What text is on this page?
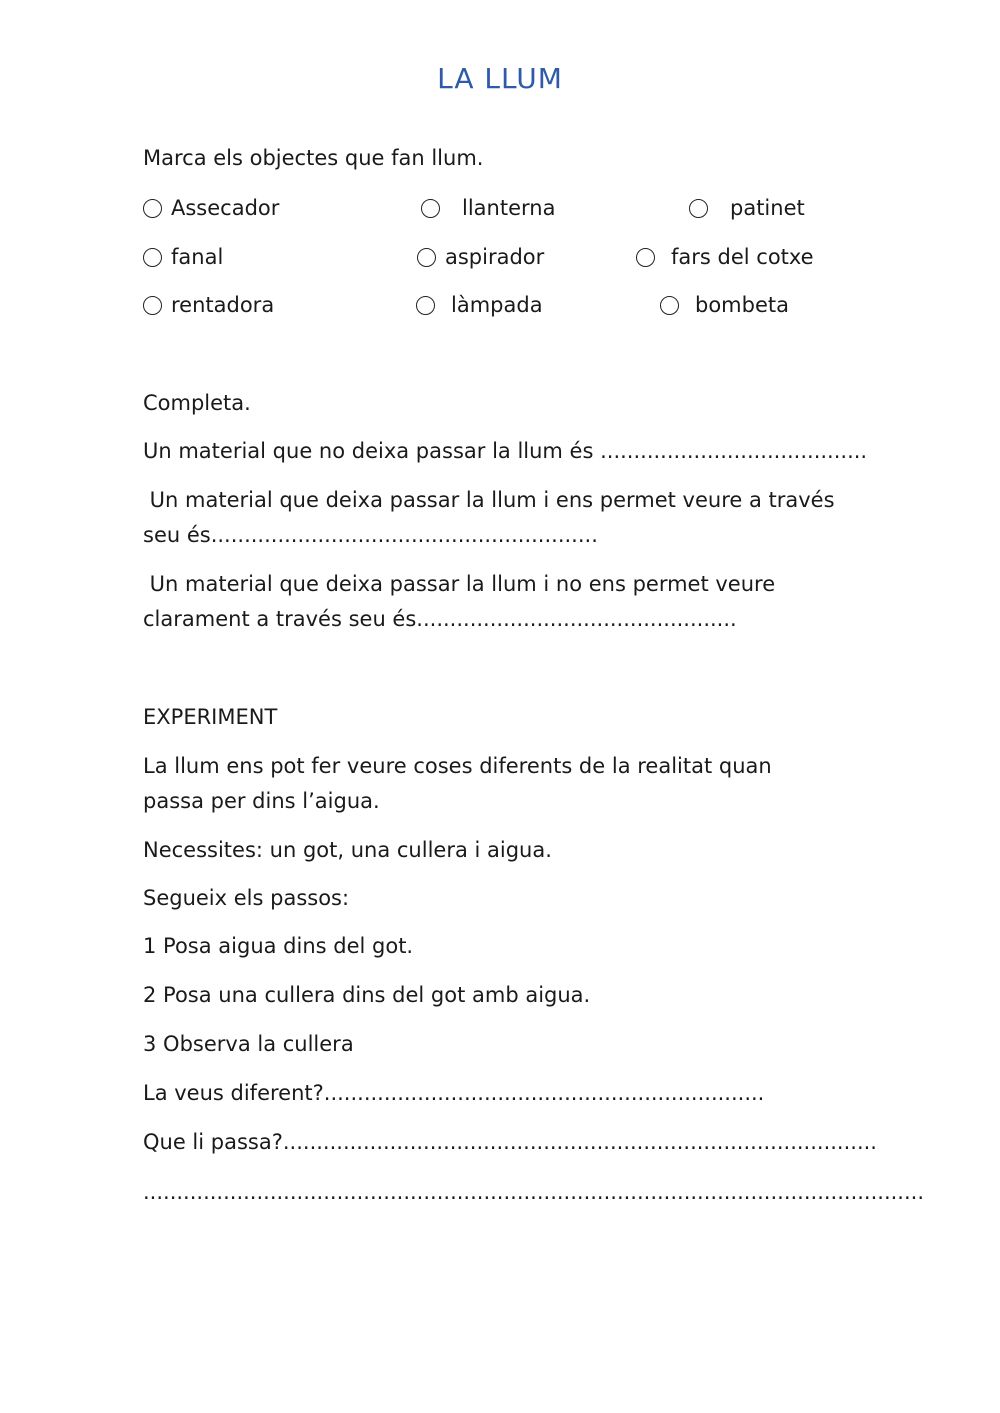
LA LLUM
Marca els objectes que fan llum.
Assecador	llanterna	patinet
fanal	aspirador	fars del cotxe
rentadora	làmpada	bombeta
Completa.
Un material que no deixa passar la llum és ........................................
Un material que deixa passar la llum i ens permet veure a través
seu és..........................................................
Un material que deixa passar la llum i no ens permet veure
clarament a través seu és................................................
EXPERIMENT
La llum ens pot fer veure coses diferents de la realitat quan
passa per dins l’aigua.
Necessites: un got, una cullera i aigua.
Segueix els passos:
1 Posa aigua dins del got.
2 Posa una cullera dins del got amb aigua.
3 Observa la cullera
La veus diferent?..................................................................
Que li passa?.........................................................................................
.....................................................................................................................
